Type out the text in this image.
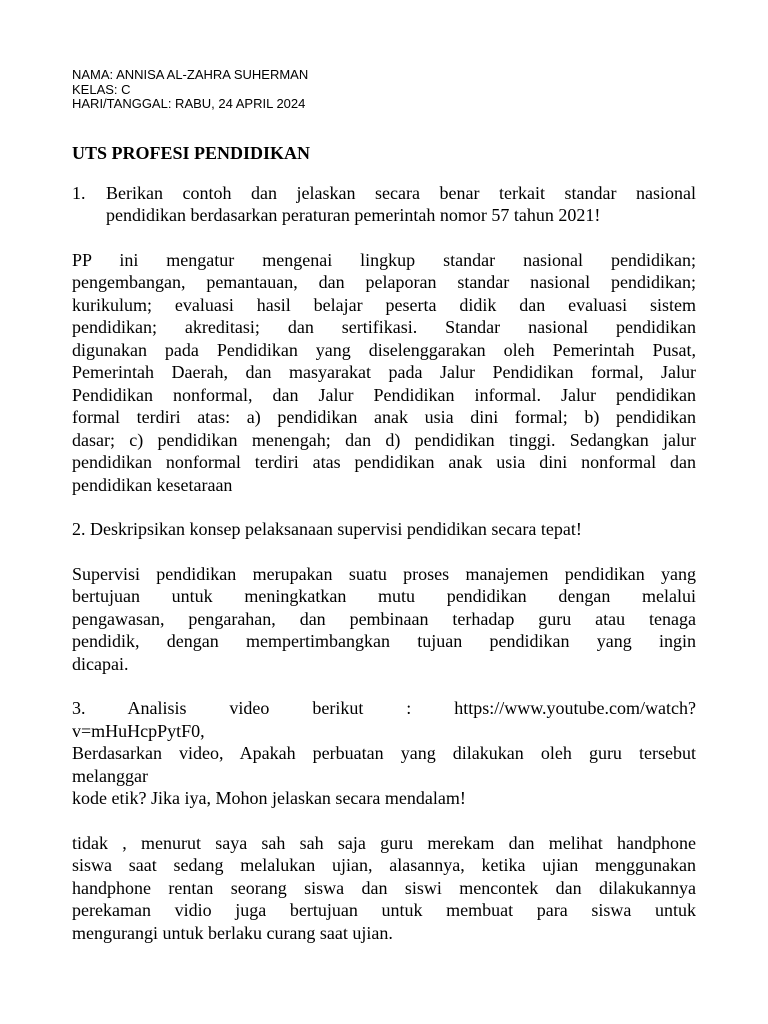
NAMA: ANNISA AL-ZAHRA SUHERMAN

KELAS: C

HARI/TANGGAL: RABU, 24 APRIL 2024

UTS PROFESI PENDIDIKAN
1.	Berikan contoh dan jelaskan secara benar terkait standar nasional
pendidikan berdasarkan peraturan pemerintah nomor 57 tahun 2021!
PP ini mengatur mengenai lingkup standar nasional pendidikan;
pengembangan, pemantauan, dan pelaporan standar nasional pendidikan;
kurikulum; evaluasi hasil belajar peserta didik dan evaluasi sistem
pendidikan; akreditasi; dan sertifikasi. Standar nasional pendidikan
digunakan pada Pendidikan yang diselenggarakan oleh Pemerintah Pusat,
Pemerintah Daerah, dan masyarakat pada Jalur Pendidikan formal, Jalur
Pendidikan nonformal, dan Jalur Pendidikan informal. Jalur pendidikan
formal terdiri atas: a) pendidikan anak usia dini formal; b) pendidikan
dasar; c) pendidikan menengah; dan d) pendidikan tinggi. Sedangkan jalur
pendidikan nonformal terdiri atas pendidikan anak usia dini nonformal dan
pendidikan kesetaraan

2. Deskripsikan konsep pelaksanaan supervisi pendidikan secara tepat!

Supervisi pendidikan merupakan suatu proses manajemen pendidikan yang
bertujuan untuk meningkatkan mutu pendidikan dengan melalui
pengawasan, pengarahan, dan pembinaan terhadap guru atau tenaga
pendidik, dengan mempertimbangkan tujuan pendidikan yang ingin
dicapai.
3. Analisis video berikut : https://www.youtube.com/watch?
v=mHuHcpPytF0,
Berdasarkan video, Apakah perbuatan yang dilakukan oleh guru tersebut
melanggar
kode etik? Jika iya, Mohon jelaskan secara mendalam!
tidak , menurut saya sah sah saja guru merekam dan melihat handphone
siswa saat sedang melalukan ujian, alasannya, ketika ujian menggunakan
handphone rentan seorang siswa dan siswi mencontek dan dilakukannya
perekaman vidio juga bertujuan untuk membuat para siswa untuk
mengurangi untuk berlaku curang saat ujian.
